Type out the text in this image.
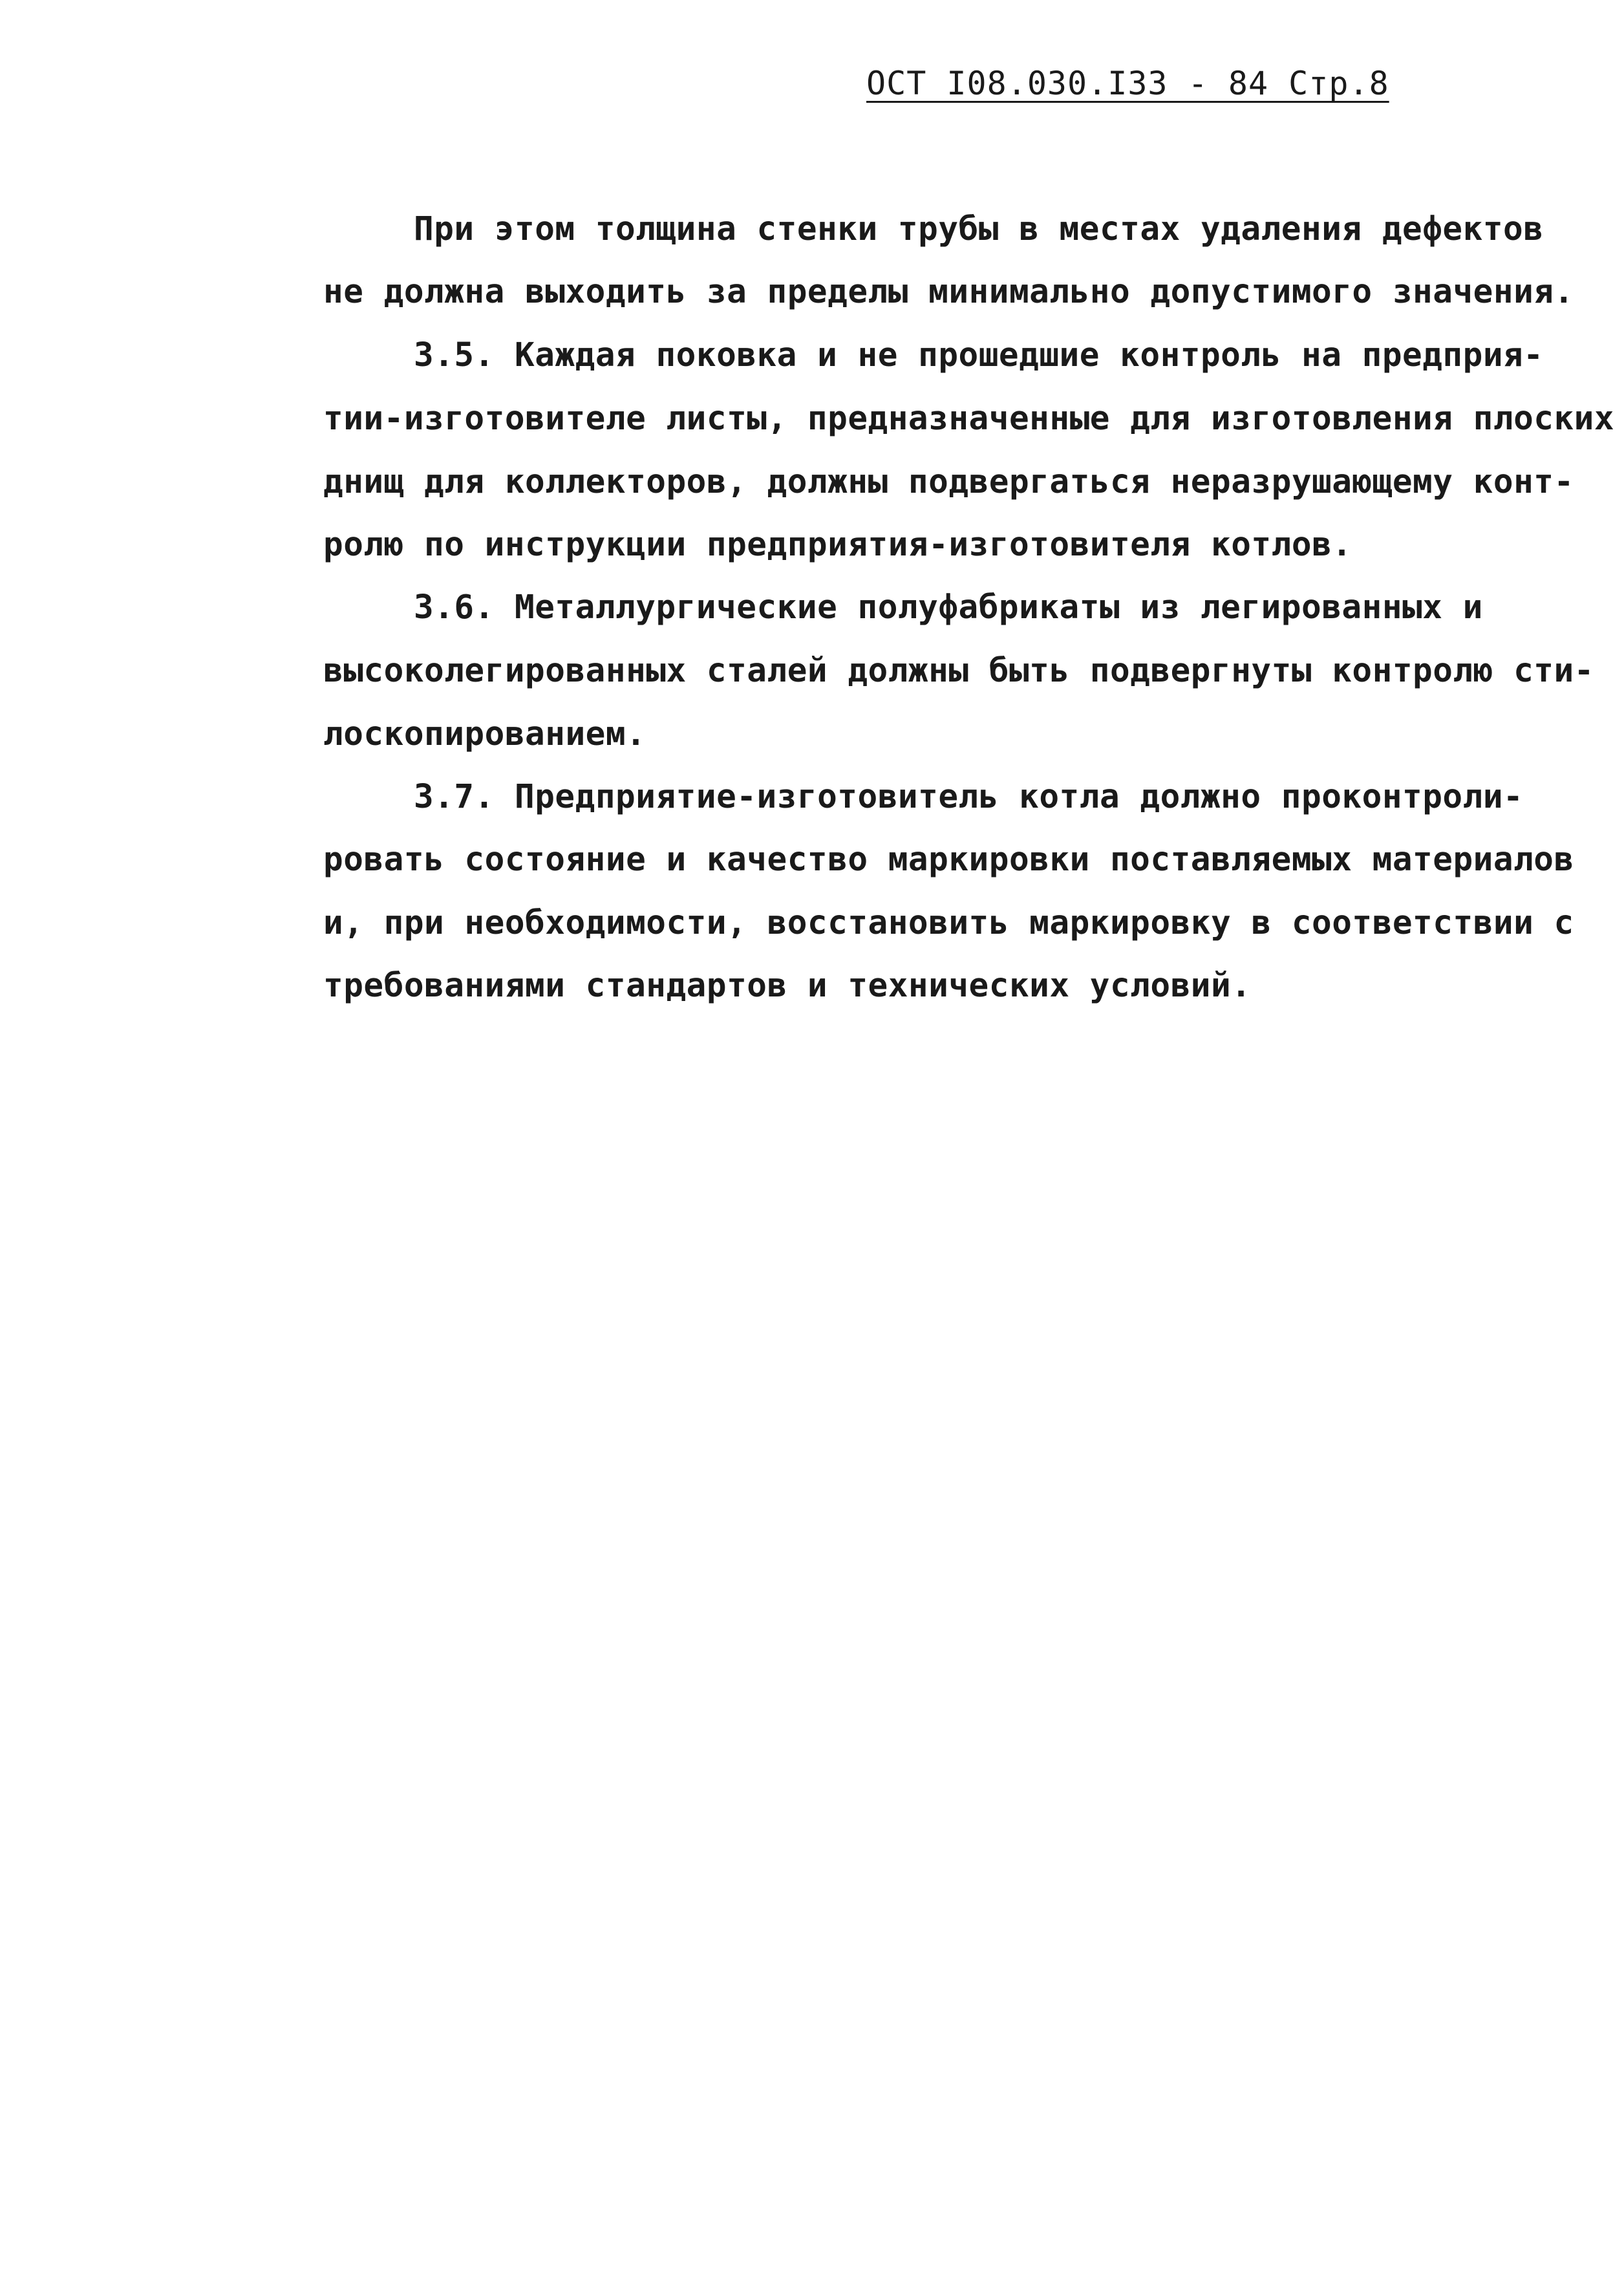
ОСТ I08.030.I33 - 84 Стр.8
При этом толщина стенки трубы в местах удаления дефектов
не должна выходить за пределы минимально допустимого значения.
3.5. Каждая поковка и не прошедшие контроль на предприя-
тии-изготовителе листы, предназначенные для изготовления плоских
днищ для коллекторов, должны подвергаться неразрушающему конт-
ролю по инструкции предприятия-изготовителя котлов.
3.6. Металлургические полуфабрикаты из легированных и
высоколегированных сталей должны быть подвергнуты контролю сти-
лоскопированием.
3.7. Предприятие-изготовитель котла должно проконтроли-
ровать состояние и качество маркировки поставляемых материалов
и, при необходимости, восстановить маркировку в соответствии с
требованиями стандартов и технических условий.
